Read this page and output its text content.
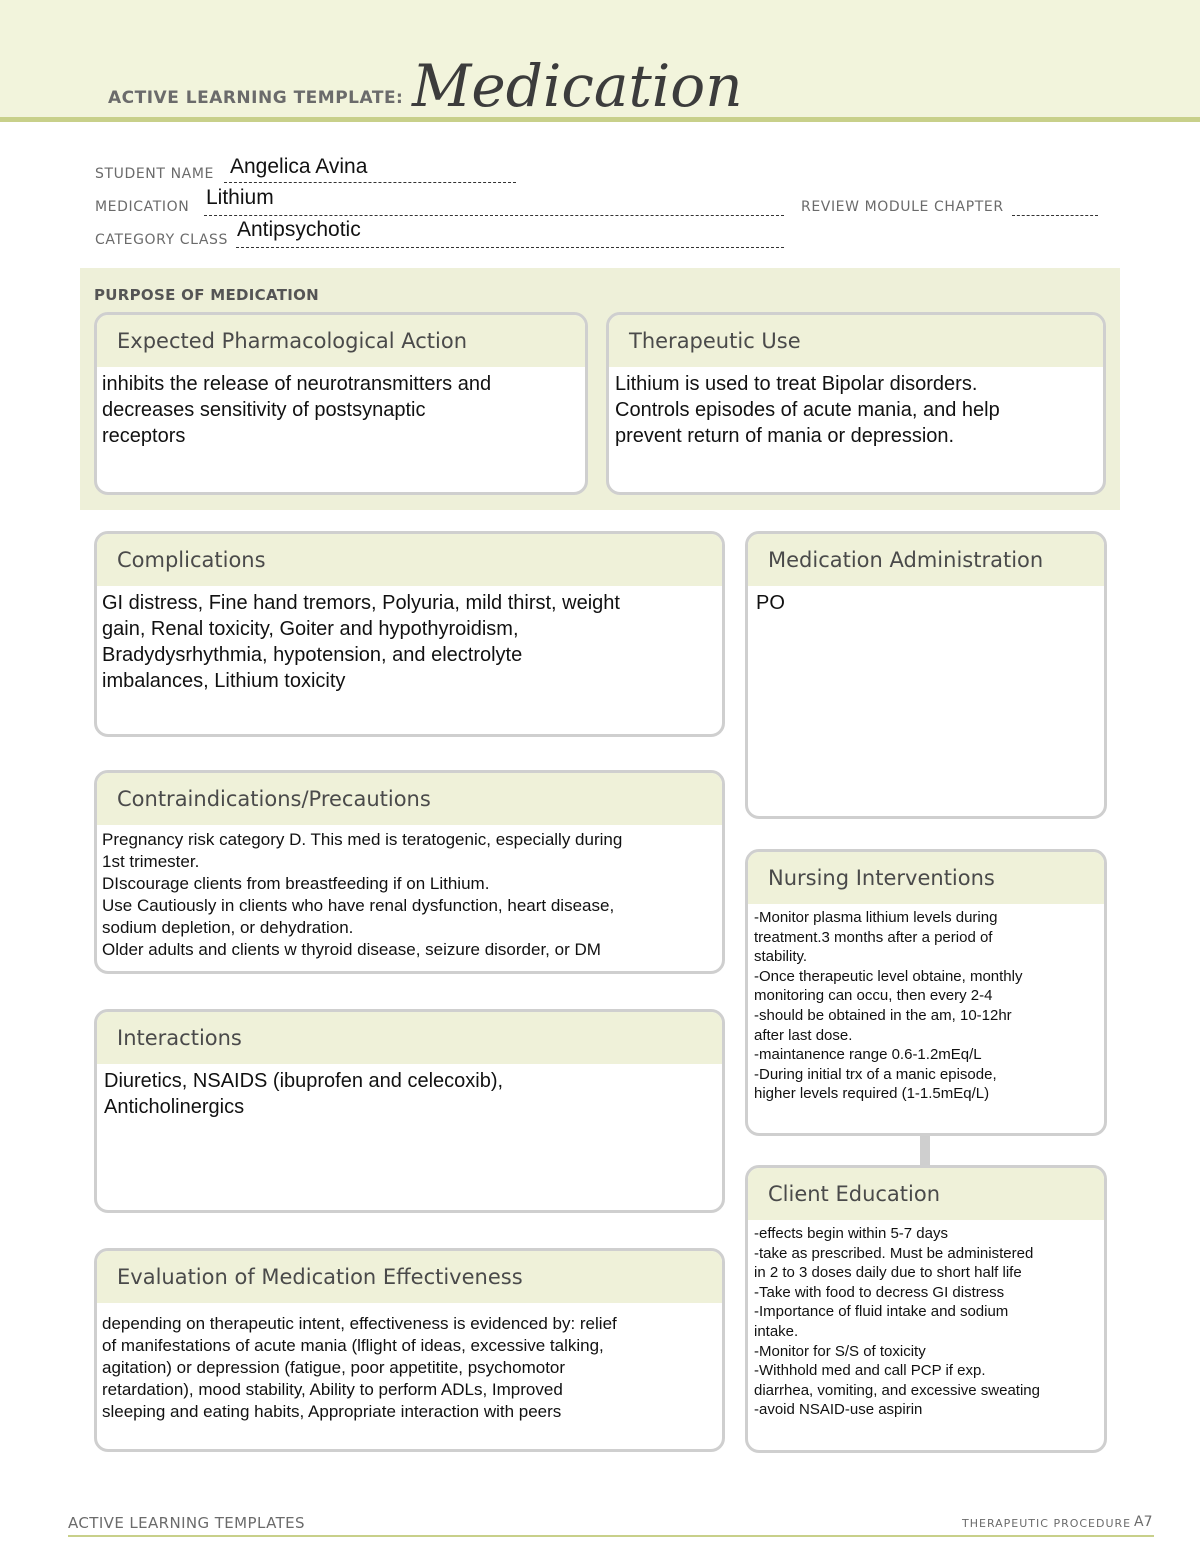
ACTIVE LEARNING TEMPLATE: Medication
STUDENT NAME Angelica Avina
MEDICATION Lithium	REVIEW MODULE CHAPTER
CATEGORY CLASS Antipsychotic
PURPOSE OF MEDICATION
Expected Pharmacological Action
inhibits the release of neurotransmitters and
decreases sensitivity of postsynaptic
receptors
Therapeutic Use
Lithium is used to treat Bipolar disorders.
Controls episodes of acute mania, and help
prevent return of mania or depression.
Complications
GI distress, Fine hand tremors, Polyuria, mild thirst, weight
gain, Renal toxicity, Goiter and hypothyroidism,
Bradydysrhythmia, hypotension, and electrolyte
imbalances, Lithium toxicity
Contraindications/Precautions
Pregnancy risk category D. This med is teratogenic, especially during
1st trimester.
DIscourage clients from breastfeeding if on Lithium.
Use Cautiously in clients who have renal dysfunction, heart disease,
sodium depletion, or dehydration.
Older adults and clients w thyroid disease, seizure disorder, or DM
Interactions
Diuretics, NSAIDS (ibuprofen and celecoxib),
Anticholinergics
Evaluation of Medication Effectiveness
depending on therapeutic intent, effectiveness is evidenced by: relief
of manifestations of acute mania (lflight of ideas, excessive talking,
agitation) or depression (fatigue, poor appetitite, psychomotor
retardation), mood stability, Ability to perform ADLs, Improved
sleeping and eating habits, Appropriate interaction with peers
Medication Administration
PO
Nursing Interventions
-Monitor plasma lithium levels during
treatment.3 months after a period of
stability.
-Once therapeutic level obtaine, monthly
monitoring can occu, then every 2-4
-should be obtained in the am, 10-12hr
after last dose.
-maintanence range 0.6-1.2mEq/L
-During initial trx of a manic episode,
higher levels required (1-1.5mEq/L)
Client Education
-effects begin within 5-7 days
-take as prescribed. Must be administered
in 2 to 3 doses daily due to short half life
-Take with food to decress GI distress
-Importance of fluid intake and sodium
intake.
-Monitor for S/S of toxicity
-Withhold med and call PCP if exp.
diarrhea, vomiting, and excessive sweating
-avoid NSAID-use aspirin
ACTIVE LEARNING TEMPLATES	THERAPEUTIC PROCEDURE A7
